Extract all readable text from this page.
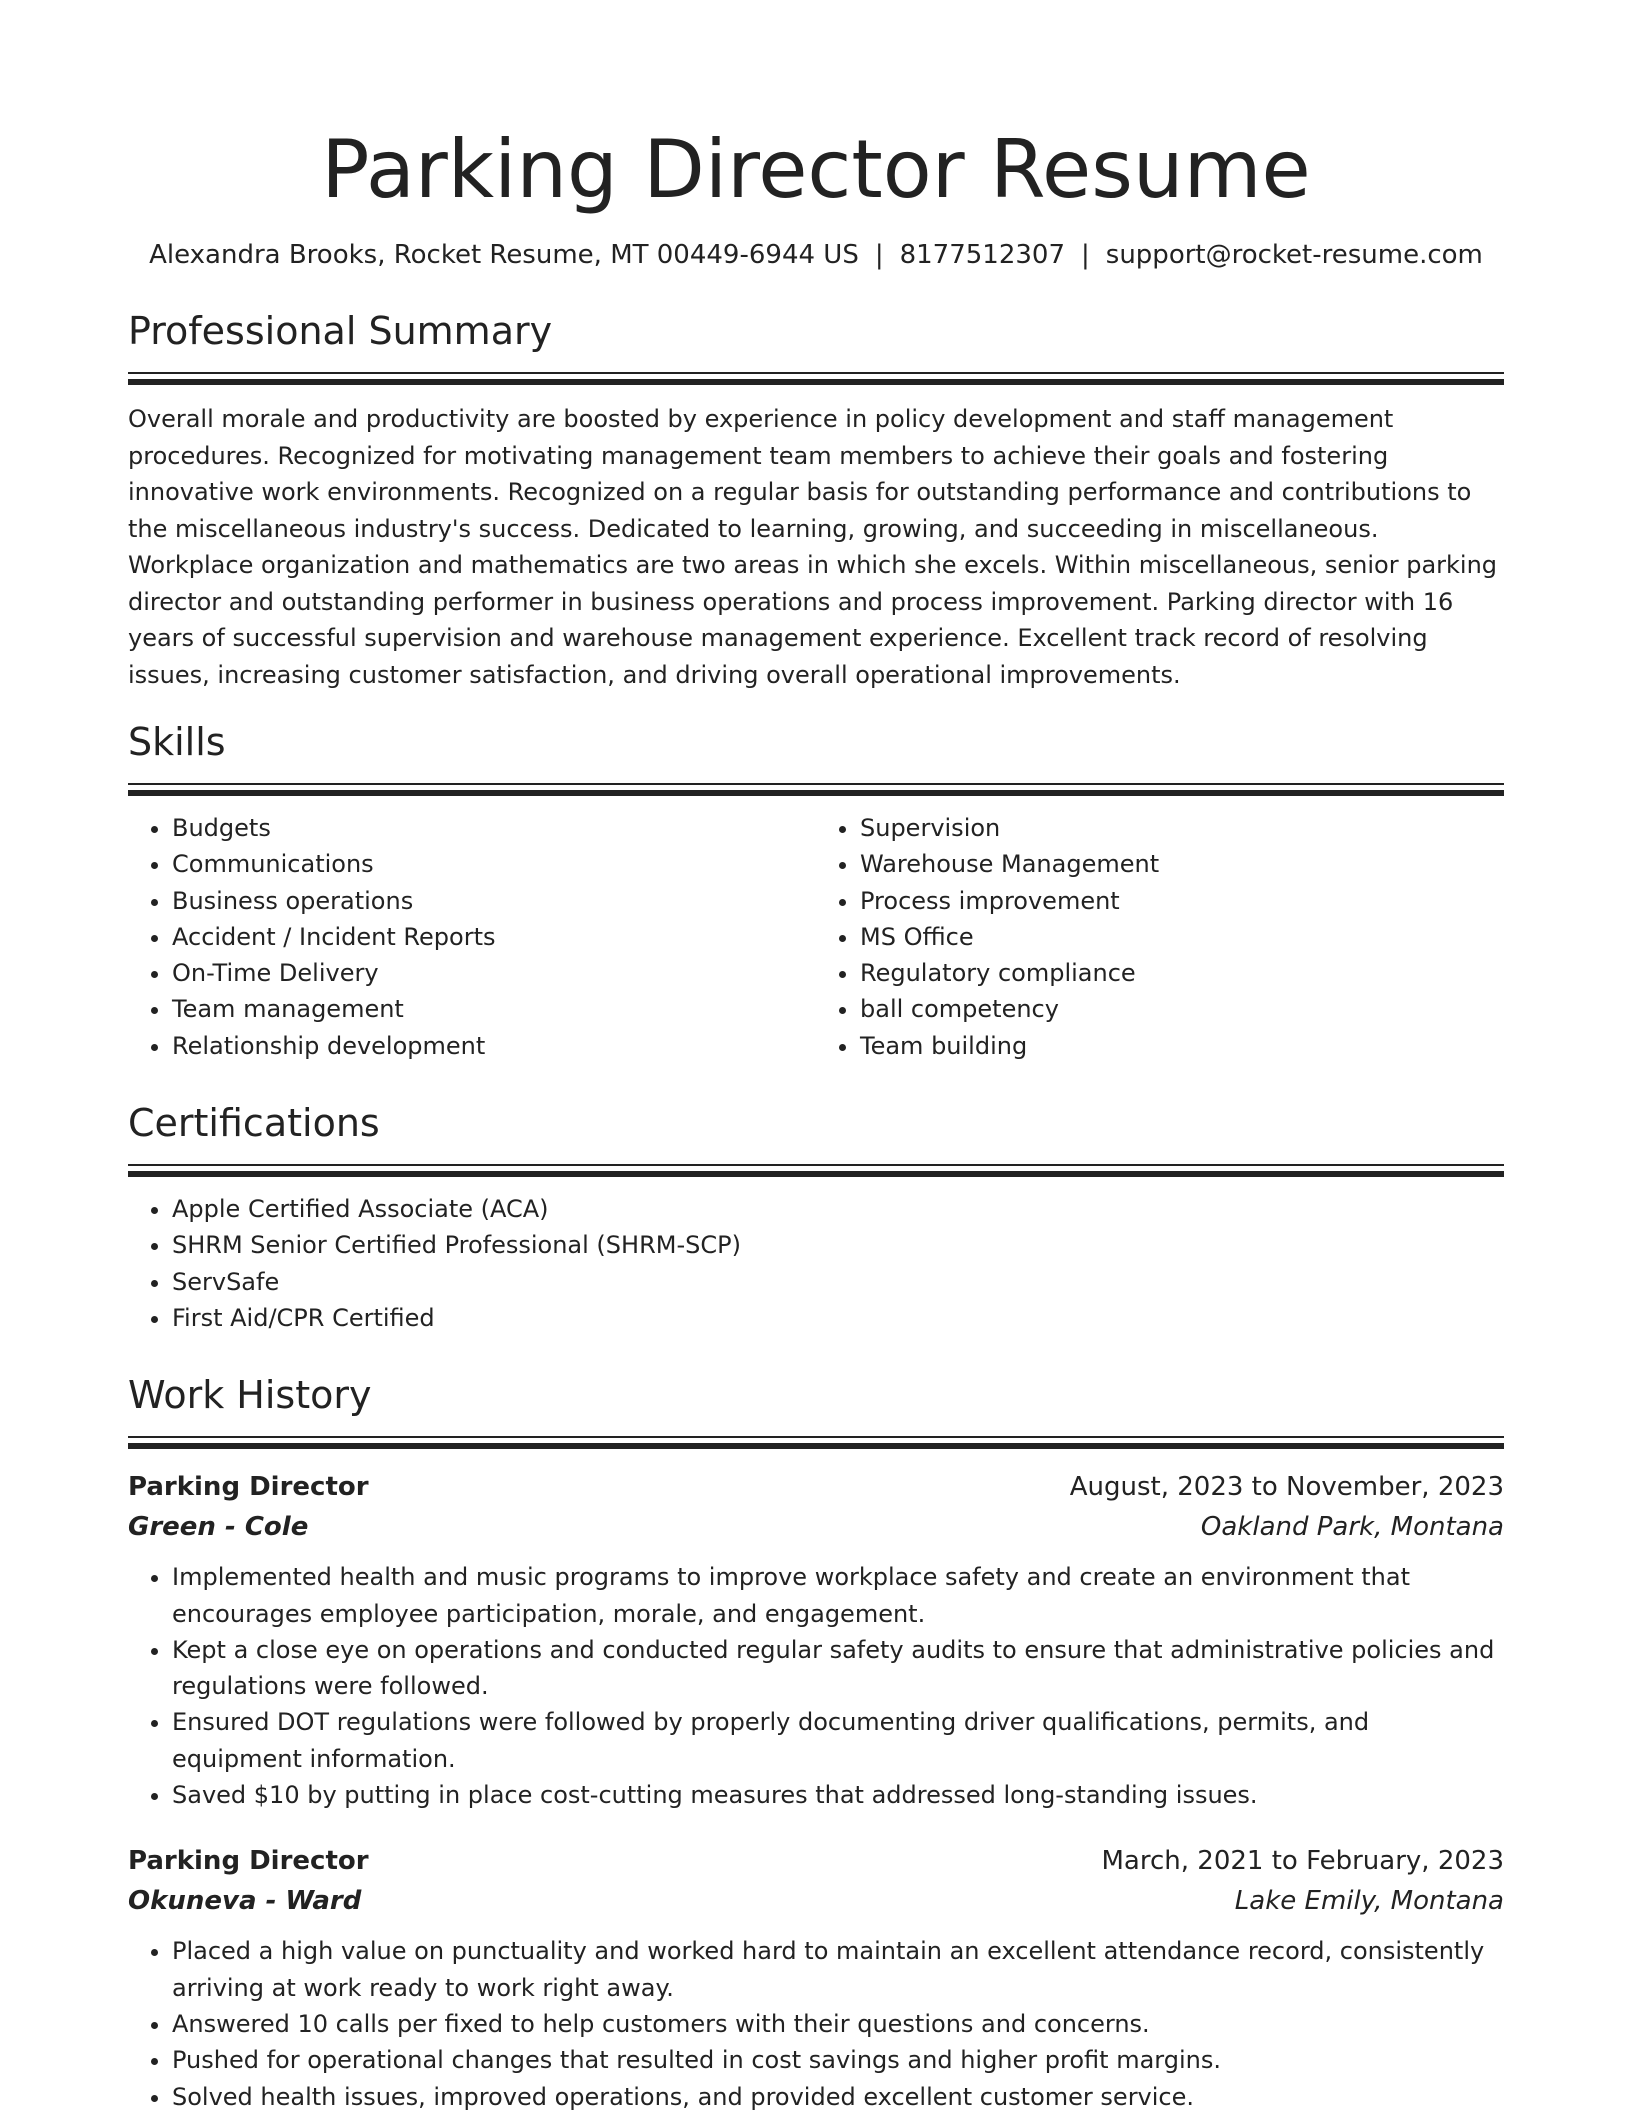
Parking Director Resume
Alexandra Brooks, Rocket Resume, MT 00449-6944 US | 8177512307 | support@rocket-resume.com
Professional Summary

Overall morale and productivity are boosted by experience in policy development and staff management procedures. Recognized for motivating management team members to achieve their goals and fostering innovative work environments. Recognized on a regular basis for outstanding performance and contributions to the miscellaneous industry's success. Dedicated to learning, growing, and succeeding in miscellaneous. Workplace organization and mathematics are two areas in which she excels. Within miscellaneous, senior parking director and outstanding performer in business operations and process improvement. Parking director with 16 years of successful supervision and warehouse management experience. Excellent track record of resolving issues, increasing customer satisfaction, and driving overall operational improvements.

Skills
• Budgets
• Communications
• Business operations
• Accident / Incident Reports
• On-Time Delivery
• Team management
• Relationship development
• Supervision
• Warehouse Management
• Process improvement
• MS Office
• Regulatory compliance
• ball competency
• Team building
Certifications
• Apple Certified Associate (ACA)
• SHRM Senior Certified Professional (SHRM-SCP)
• ServSafe
• First Aid/CPR Certified
Work History
Parking Director	August, 2023 to November, 2023
Green - Cole	Oakland Park, Montana
• Implemented health and music programs to improve workplace safety and create an environment that encourages employee participation, morale, and engagement.
• Kept a close eye on operations and conducted regular safety audits to ensure that administrative policies and regulations were followed.
• Ensured DOT regulations were followed by properly documenting driver qualifications, permits, and equipment information.
• Saved $10 by putting in place cost-cutting measures that addressed long-standing issues.
Parking Director	March, 2021 to February, 2023
Okuneva - Ward	Lake Emily, Montana
• Placed a high value on punctuality and worked hard to maintain an excellent attendance record, consistently arriving at work ready to work right away.
• Answered 10 calls per fixed to help customers with their questions and concerns.
• Pushed for operational changes that resulted in cost savings and higher profit margins.
• Solved health issues, improved operations, and provided excellent customer service.
